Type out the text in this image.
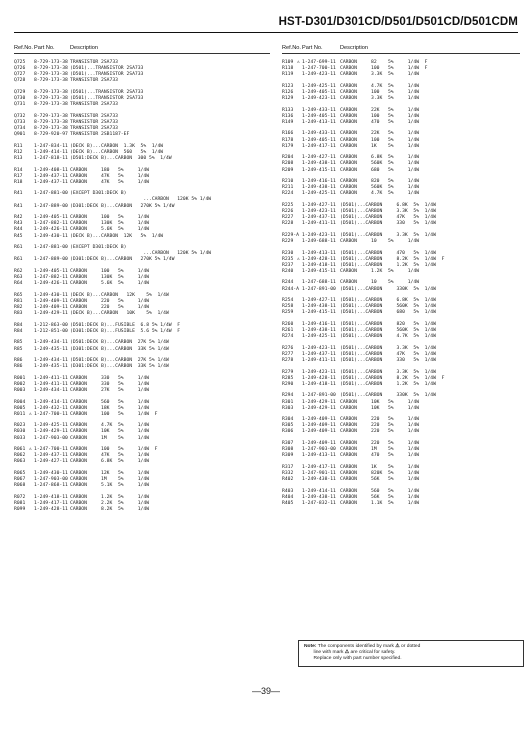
HST-D301/D301CD/D501/D501CD/D501CDM
Ref.No. Part No.	Description
Q725	8-729-173-38 TRANSISTOR 2SA733
Q726	8-729-173-38 (D501)...TRANSISTOR 2SA733
Q727	8-729-173-38 (D501)...TRANSISTOR 2SA733
Q728	8-729-173-38 TRANSISTOR 2SA733
Q729	8-729-173-38 (D501)...TRANSISTOR 2SA733
Q730	8-729-173-38 (D501)...TRANSISTOR 2SA733
Q731	8-729-173-38 TRANSISTOR 2SA733
Q732	8-729-173-38 TRANSISTOR 2SA733
Q733	8-729-173-38 TRANSISTOR 2SA733
Q734	8-729-173-38 TRANSISTOR 2SA733
Q901	8-729-920-97 TRANSISTOR 2SB1187-EF
R11	1-247-834-11 (DECK B)...CARBON  1.3K  5%  1/4W
R12	1-249-414-11 (DECK B)...CARBON  560   5%  1/4W
R13	1-247-818-11 (D501:DECK B)...CARBON  300 5%  1/4W
R14	1-249-408-11 CARBON     180   5%     1/4W
R17	1-249-437-11 CARBON     47K   5%     1/4W
R18	1-249-437-11 CARBON     47K   5%     1/4W
R41	1-247-881-00 (EXCEPT D301:DECK B)
...CARBON   120K 5% 1/4W
R41	1-247-889-00 (D301:DECK B)...CARBON   270K 5% 1/4W
R42	1-249-405-11 CARBON     100   5%     1/4W
R43	1-247-882-11 CARBON     130K  5%     1/4W
R44	1-249-426-11 CARBON     5.6K  5%     1/4W
R45	1-249-430-11 (DECK B)...CARBON  12K   5%  1/4W
R61	1-247-881-00 (EXCEPT D301:DECK B)
...CARBON   120K 5% 1/4W
R61	1-247-889-00 (D301:DECK B)...CARBON   270K 5% 1/4W
R62	1-249-405-11 CARBON     100   5%     1/4W
R63	1-247-882-11 CARBON     130K  5%     1/4W
R64	1-249-426-11 CARBON     5.6K  5%     1/4W
R65	1-249-430-11 (DECK B)...CARBON   12K    5%  1/4W
R81	1-249-409-11 CARBON     220   5%     1/4W
R82	1-249-409-11 CARBON     220   5%     1/4W
R83	1-249-429-11 (DECK B)...CARBON   10K    5%  1/4W
R84	1-212-863-00 (D501:DECK B)...FUSIBLE  6.8 5% 1/4W  F
R84	1-212-851-00 (D301:DECK B)...FUSIBLE  5.6 5% 1/4W  F
R85	1-249-434-11 (D501:DECK B)...CARBON  27K 5% 1/4W
R85	1-249-435-11 (D301:DECK B)...CARBON  33K 5% 1/4W
R86	1-249-434-11 (D501:DECK B)...CARBON  27K 5% 1/4W
R86	1-249-435-11 (D301:DECK B)...CARBON  33K 5% 1/4W
R001	1-249-411-11 CARBON     330   5%     1/4W
R002	1-249-411-11 CARBON     330   5%     1/4W
R003	1-249-434-11 CARBON     27K   5%     1/4W
R004	1-249-414-11 CARBON     560   5%     1/4W
R005	1-249-432-11 CARBON     18K   5%     1/4W
R011	1-247-700-11
⚠	CARBON     100   5%     1/4W  F
R023	1-249-425-11 CARBON     4.7K  5%     1/4W
R030	1-249-429-11 CARBON     10K   5%     1/4W
R033	1-247-903-00 CARBON     1M    5%     1/4W
R061	1-247-700-11
⚠	CARBON     100   5%     1/4W  F
R062	1-249-437-11 CARBON     47K   5%     1/4W
R063	1-249-427-11 CARBON     6.8K  5%     1/4W
R065	1-249-430-11 CARBON     12K   5%     1/4W
R067	1-247-903-00 CARBON     1M    5%     1/4W
R068	1-247-868-11 CARBON     5.1K  5%     1/4W
R072	1-249-418-11 CARBON     1.2K  5%     1/4W
R081	1-249-417-11 CARBON     2.2K  5%     1/4W
R099	1-249-428-11 CARBON     8.2K  5%     1/4W
Ref.No. Part No.	Description
R109	1-247-699-11
⚠	CARBON     82    5%     1/4W  F
R118	1-247-700-11 CARBON     100   5%     1/4W  F
R119	1-249-423-11 CARBON     3.3K  5%     1/4W
R123	1-249-425-11 CARBON     4.7K  5%     1/4W
R126	1-249-405-11 CARBON     100   5%     1/4W
R129	1-249-423-11 CARBON     3.3K  5%     1/4W
R133	1-249-433-11 CARBON     22K   5%     1/4W
R136	1-249-405-11 CARBON     100   5%     1/4W
R149	1-249-413-11 CARBON     470   5%     1/4W
R166	1-249-433-11 CARBON     22K   5%     1/4W
R178	1-249-405-11 CARBON     100   5%     1/4W
R179	1-249-417-11 CARBON     1K    5%     1/4W
R204	1-249-427-11 CARBON     6.8K  5%     1/4W
R208	1-249-438-11 CARBON     560K  5%     1/4W
R209	1-249-415-11 CARBON     680   5%     1/4W
R210	1-249-416-11 CARBON     820   5%     1/4W
R211	1-249-438-11 CARBON     560K  5%     1/4W
R224	1-249-425-11 CARBON     4.7K  5%     1/4W
R225	1-249-427-11 (D501)...CARBON     6.8K  5%  1/4W
R226	1-249-423-11 (D501)...CARBON     3.3K  5%  1/4W
R227	1-249-437-11 (D501)...CARBON     47K   5%  1/4W
R228	1-249-411-11 (D501)...CARBON     330   5%  1/4W
R229-A 1-249-423-11 (D501)...CARBON     3.3K  5%  1/4W
R229	1-249-688-11 CARBON     10    5%     1/4W
R230	1-249-413-11 (D501)...CARBON     470   5%  1/4W
R235	1-249-428-11
⚠	(D501)...CARBON     8.2K  5%  1/4W  F
R237	1-249-418-11 (D501)...CARBON     1.2K  5%  1/4W
R240	1-249-415-11 CARBON     1.2K  5%     1/4W
R244	1-247-688-11 CARBON     10    5%     1/4W
R244-A 1-247-891-00 (D501)...CARBON     330K  5%  1/4W
R254	1-249-427-11 (D501)...CARBON     6.8K  5%  1/4W
R258	1-249-438-11 (D501)...CARBON     560K  5%  1/4W
R259	1-249-415-11 (D501)...CARBON     680   5%  1/4W
R260	1-249-416-11 (D501)...CARBON     820   5%  1/4W
R261	1-249-438-11 (D501)...CARBON     560K  5%  1/4W
R274	1-249-425-11 (D501)...CARBON     4.7K  5%  1/4W
R276	1-249-423-11 (D501)...CARBON     3.3K  5%  1/4W
R277	1-249-437-11 (D501)...CARBON     47K   5%  1/4W
R278	1-249-411-11 (D501)...CARBON     330   5%  1/4W
R279	1-249-423-11 (D501)...CARBON     3.3K  5%  1/4W
R285	1-249-428-11 (D501)...CARBON     8.2K  5%  1/4W  F
R290	1-249-418-11 (D501)...CARBON     1.2K  5%  1/4W
R294	1-247-891-00 (D501)...CARBON     330K  5%  1/4W
R301	1-249-429-11 CARBON     10K   5%     1/4W
R303	1-249-429-11 CARBON     10K   5%     1/4W
R304	1-249-409-11 CARBON     220   5%     1/4W
R305	1-249-409-11 CARBON     220   5%     1/4W
R306	1-249-409-11 CARBON     220   5%     1/4W
R307	1-249-409-11 CARBON     220   5%     1/4W
R308	1-247-903-00 CARBON     1M    5%     1/4W
R309	1-249-413-11 CARBON     470   5%     1/4W
R317	1-249-417-11 CARBON     1K    5%     1/4W
R332	1-247-901-11 CARBON     820K  5%     1/4W
R402	1-249-438-11 CARBON     56K   5%     1/4W
R403	1-249-414-11 CARBON     560   5%     1/4W
R404	1-249-438-11 CARBON     56K   5%     1/4W
R405	1-247-832-11 CARBON     1.1K  5%     1/4W
Note: The components identified by mark ⚠ or dotted
line with mark ⚠ are critical for safety.
Replace only with part number specified.
—39—
